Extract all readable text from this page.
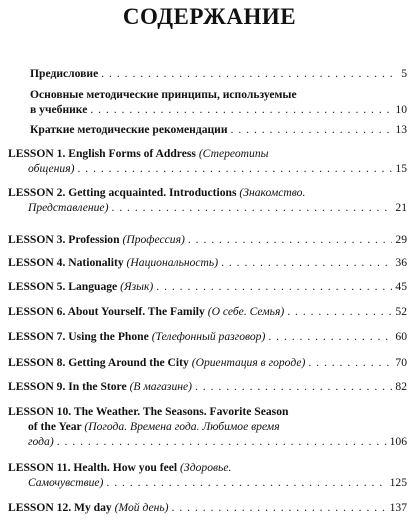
СОДЕРЖАНИЕ
Предисловие . . .	5
Основные методические принципы, используемые
в учебнике . . .	10
Краткие методические рекомендации . . .	13
LESSON 1. English Forms of Address (Стереотипы
общения) . . .	15
LESSON 2. Getting acquainted. Introductions (Знакомство.
Представление) . . .	21
LESSON 3. Profession (Профессия) . . .	29
LESSON 4. Nationality (Национальность) . . .	36
LESSON 5. Language (Язык) . . .	45
LESSON 6. About Yourself. The Family (О себе. Семья) . . .	52
LESSON 7. Using the Phone (Телефонный разговор) . . .	60
LESSON 8. Getting Around the City (Ориентация в городе) . . .	70
LESSON 9. In the Store (В магазине) . . .	82
LESSON 10. The Weather. The Seasons. Favorite Season
of the Year (Погода. Времена года. Любимое время
года) . . .	106
LESSON 11. Health. How you feel (Здоровье.
Самочувствие) . . .	125
LESSON 12. My day (Мой день) . . .	137
